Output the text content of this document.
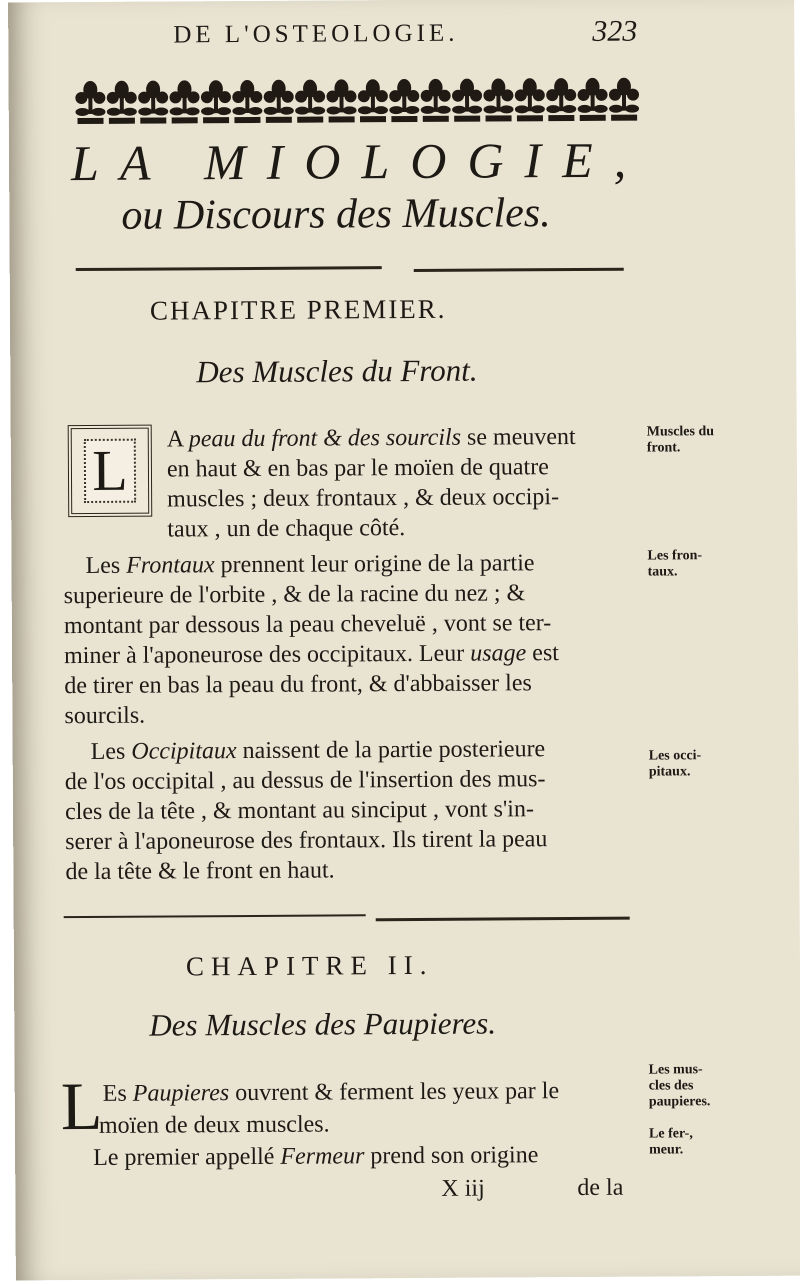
DE L'OSTEOLOGIE.	323
LA MIOLOGIE,
ou Discours des Muscles.
CHAPITRE PREMIER.
Des Muscles du Front.
L	A peau du front & des sourcils se meuvent
en haut & en bas par le moïen de quatre
muscles ; deux frontaux , & deux occipi-
taux , un de chaque côté.
Les Frontaux prennent leur origine de la partie
superieure de l'orbite , & de la racine du nez ; &
montant par dessous la peau cheveluë , vont se ter-
miner à l'aponeurose des occipitaux. Leur usage est
de tirer en bas la peau du front, & d'abbaisser les
sourcils.
Les Occipitaux naissent de la partie posterieure
de l'os occipital , au dessus de l'insertion des mus-
cles de la tête , & montant au sinciput , vont s'in-
serer à l'aponeurose des frontaux. Ils tirent la peau
de la tête & le front en haut.
Muscles du
front.
Les fron-
taux.
Les occi-
pitaux.
CHAPITRE II.
Des Muscles des Paupieres.
L Es Paupieres ouvrent & ferment les yeux par le
moïen de deux muscles.
Le premier appellé Fermeur prend son origine
Les mus-
cles des
paupieres.
Le fer-,
meur.
X iij	de la
